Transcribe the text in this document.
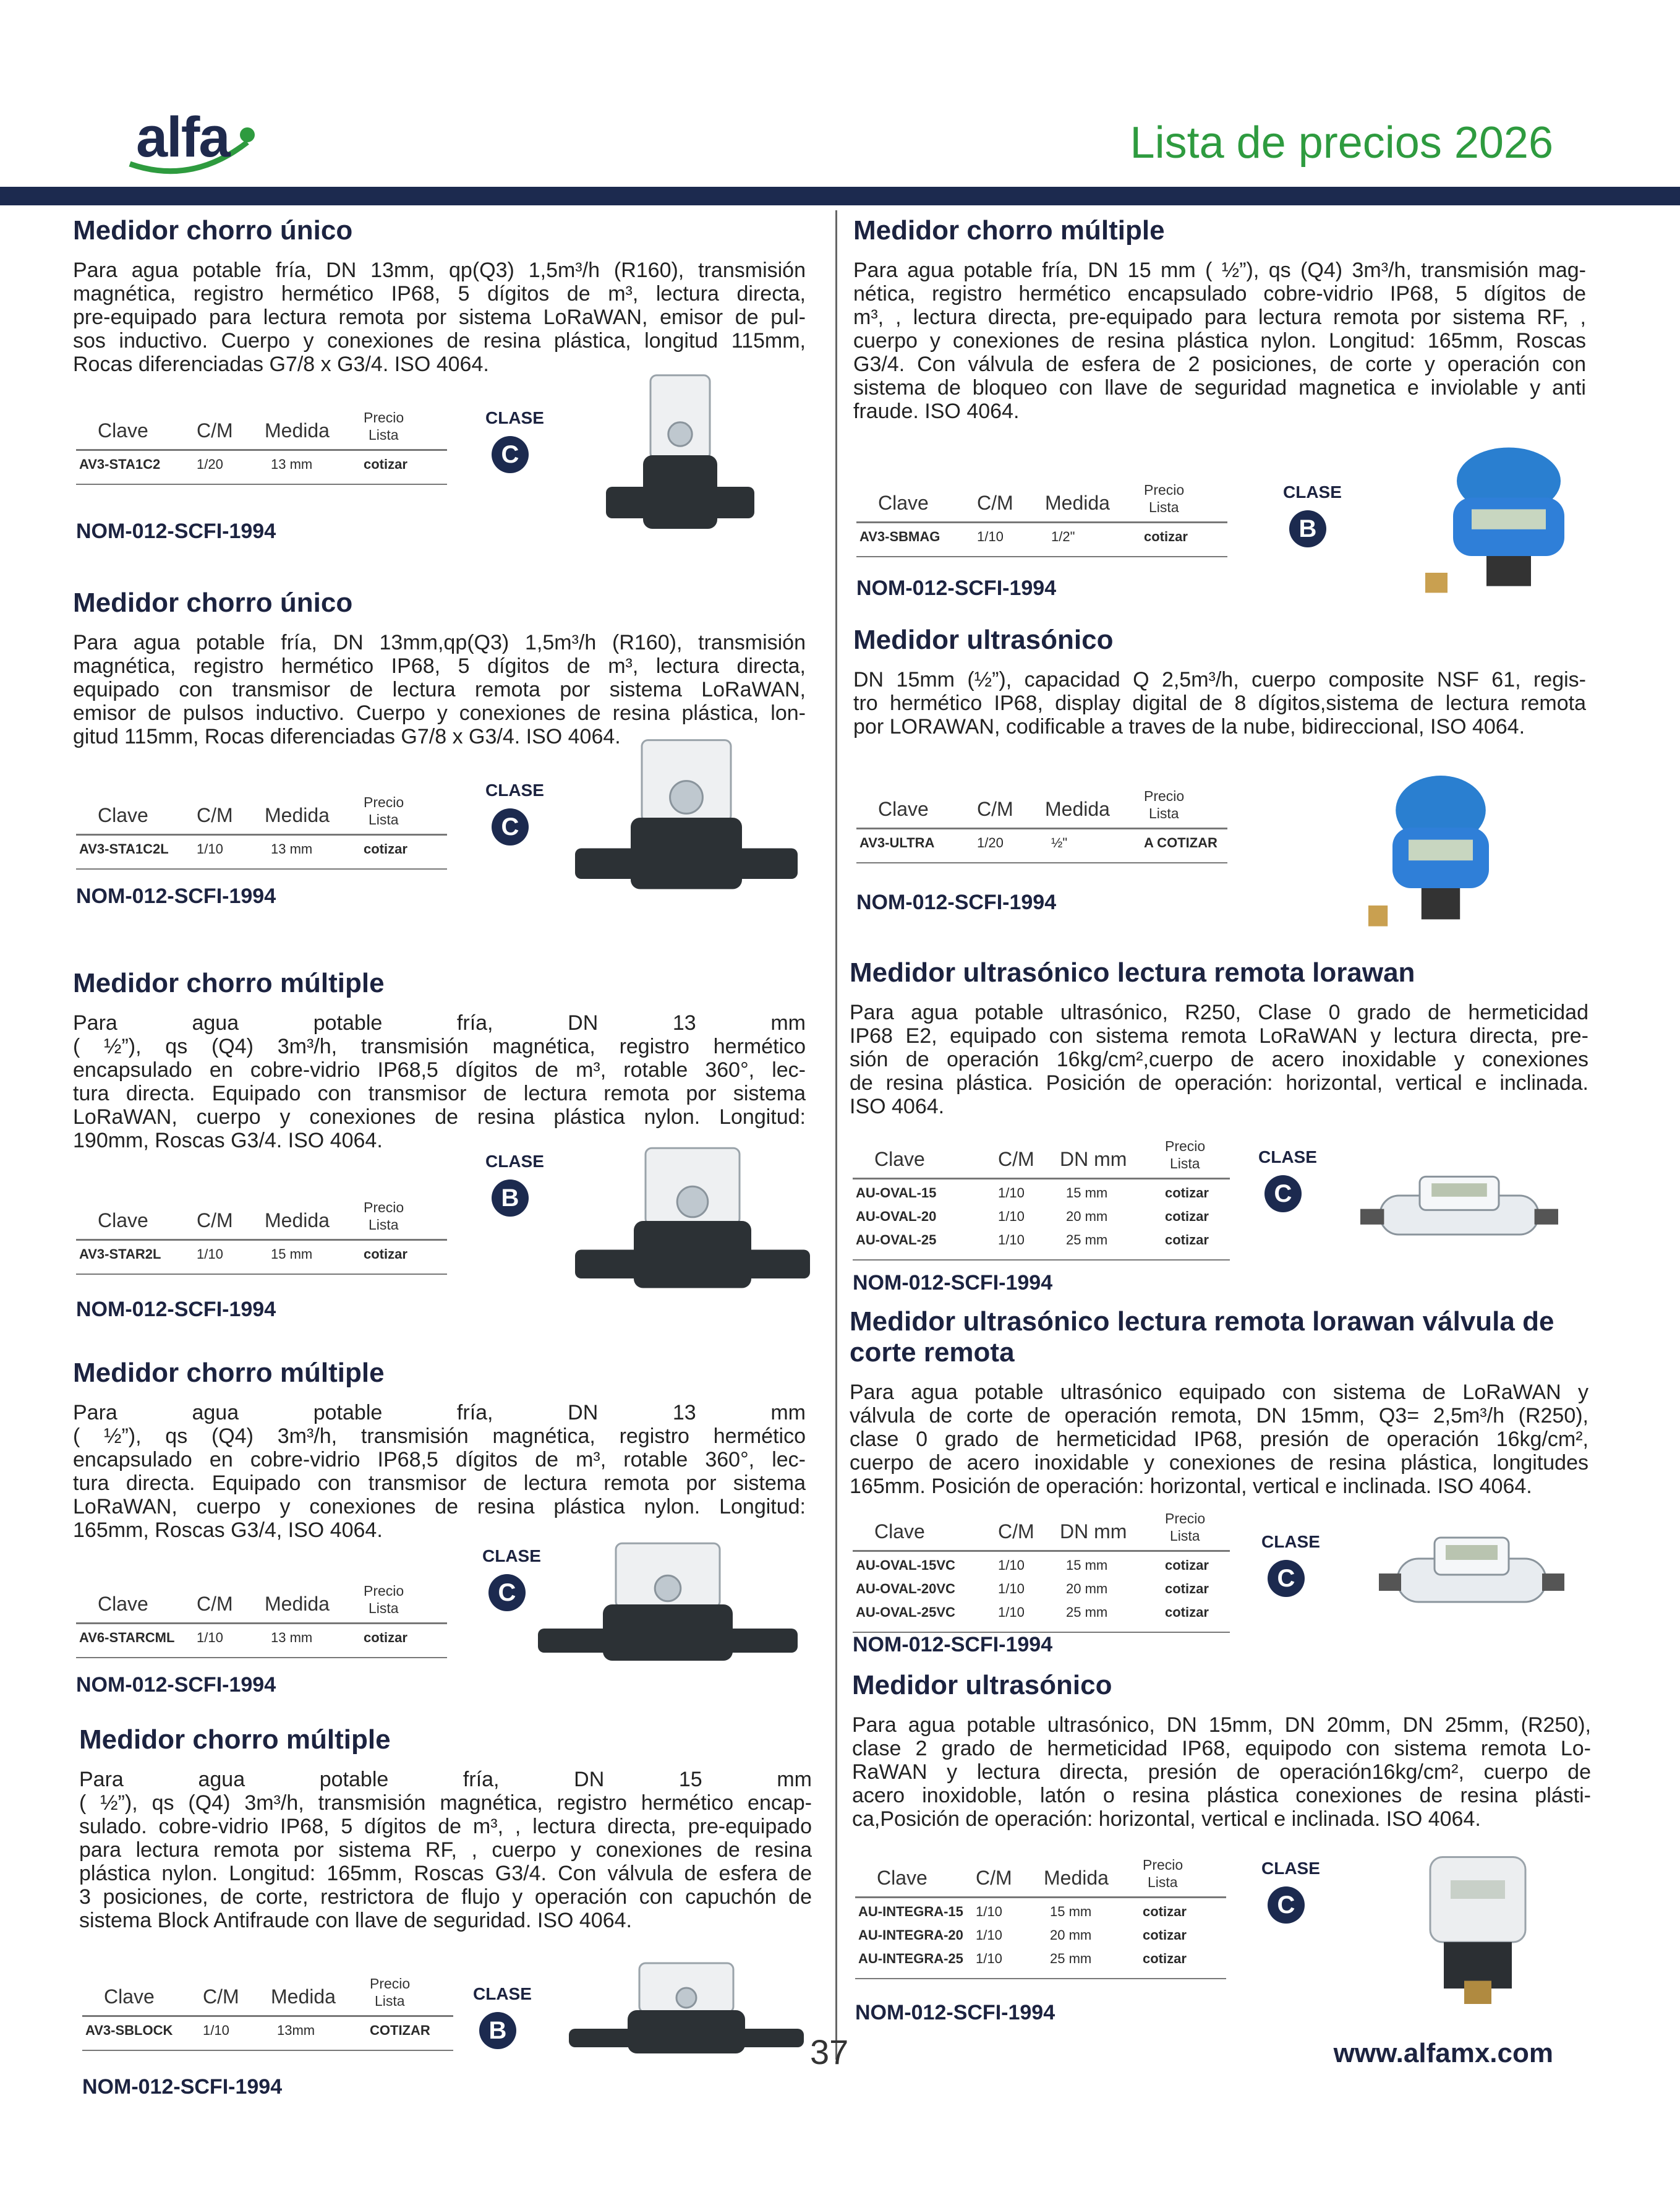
alfa	Lista de precios 2026
Medidor chorro único
Para agua potable fría, DN 13mm, qp(Q3) 1,5m³/h (R160), transmisión
magnética, registro hermético IP68, 5 dígitos de m³, lectura directa,
pre-equipado para lectura remota por sistema LoRaWAN, emisor de pul-
sos inductivo. Cuerpo y conexiones de resina plástica, longitud 115mm,
Rocas diferenciadas G7/8 x G3/4. ISO 4064.
Clave C/M Medida
Precio
Lista
AV3-STA1C2	1/20	13 mm	cotizar
CLASE
C
NOM-012-SCFI-1994
Medidor chorro único
Para agua potable fría, DN 13mm,qp(Q3) 1,5m³/h (R160), transmisión
magnética, registro hermético IP68, 5 dígitos de m³, lectura directa,
equipado con transmisor de lectura remota por sistema LoRaWAN,
emisor de pulsos inductivo. Cuerpo y conexiones de resina plástica, lon-
gitud 115mm, Rocas diferenciadas G7/8 x G3/4. ISO 4064.
Clave C/M Medida
Precio
Lista
AV3-STA1C2L 1/10	13 mm	cotizar
CLASE
C
NOM-012-SCFI-1994
Medidor chorro múltiple
Para agua potable fría, DN 13 mm
( ½”), qs (Q4) 3m³/h, transmisión magnética, registro hermético
encapsulado en cobre-vidrio IP68,5 dígitos de m³, rotable 360°, lec-
tura directa. Equipado con transmisor de lectura remota por sistema
LoRaWAN, cuerpo y conexiones de resina plástica nylon. Longitud:
190mm, Roscas G3/4. ISO 4064.
Clave C/M Medida
Precio
Lista
AV3-STAR2L	1/10	15 mm	cotizar
CLASE
B
NOM-012-SCFI-1994
Medidor chorro múltiple
Para agua potable fría, DN 13 mm
( ½”), qs (Q4) 3m³/h, transmisión magnética, registro hermético
encapsulado en cobre-vidrio IP68,5 dígitos de m³, rotable 360°, lec-
tura directa. Equipado con transmisor de lectura remota por sistema
LoRaWAN, cuerpo y conexiones de resina plástica nylon. Longitud:
165mm, Roscas G3/4, ISO 4064.
Clave C/M Medida
Precio
Lista
AV6-STARCML 1/10	13 mm	cotizar
CLASE
C
NOM-012-SCFI-1994
Medidor chorro múltiple
Para agua potable fría, DN 15 mm
( ½”), qs (Q4) 3m³/h, transmisión magnética, registro hermético encap-
sulado. cobre-vidrio IP68, 5 dígitos de m³, , lectura directa, pre-equipado
para lectura remota por sistema RF, , cuerpo y conexiones de resina
plástica nylon. Longitud: 165mm, Roscas G3/4. Con válvula de esfera de
3 posiciones, de corte, restrictora de flujo y operación con capuchón de
sistema Block Antifraude con llave de seguridad. ISO 4064.
Clave C/M Medida
Precio
Lista
AV3-SBLOCK 1/10	13mm	COTIZAR
CLASE
B
NOM-012-SCFI-1994
Medidor chorro múltiple
Para agua potable fría, DN 15 mm ( ½”), qs (Q4) 3m³/h, transmisión mag-
nética, registro hermético encapsulado cobre-vidrio IP68, 5 dígitos de
m³, , lectura directa, pre-equipado para lectura remota por sistema RF, ,
cuerpo y conexiones de resina plástica nylon. Longitud: 165mm, Roscas
G3/4. Con válvula de esfera de 2 posiciones, de corte y operación con
sistema de bloqueo con llave de seguridad magnetica e inviolable y anti
fraude. ISO 4064.
Clave C/M Medida
Precio
Lista
AV3-SBMAG	1/10	1/2"	cotizar
CLASE
B
NOM-012-SCFI-1994
Medidor ultrasónico
DN 15mm (½”), capacidad Q 2,5m³/h, cuerpo composite NSF 61, regis-
tro hermético IP68, display digital de 8 dígitos,sistema de lectura remota
por LORAWAN, codificable a traves de la nube, bidireccional, ISO 4064.
Clave C/M Medida
Precio
Lista
AV3-ULTRA	1/20	½"	A COTIZAR
NOM-012-SCFI-1994
Medidor ultrasónico lectura remota lorawan
Para agua potable ultrasónico, R250, Clase 0 grado de hermeticidad
IP68 E2, equipado con sistema remota LoRaWAN y lectura directa, pre-
sión de operación 16kg/cm²,cuerpo de acero inoxidable y conexiones
de resina plástica. Posición de operación: horizontal, vertical e inclinada.
ISO 4064.
Clave	C/M DN mm
Precio
Lista
AU-OVAL-15	1/10	15 mm	cotizar
AU-OVAL-20	1/10	20 mm	cotizar
AU-OVAL-25	1/10	25 mm	cotizar
CLASE
C
NOM-012-SCFI-1994
Medidor ultrasónico lectura remota lorawan válvula de
corte remota
Para agua potable ultrasónico equipado con sistema de LoRaWAN y
válvula de corte de operación remota, DN 15mm, Q3= 2,5m³/h (R250),
clase 0 grado de hermeticidad IP68, presión de operación 16kg/cm²,
cuerpo de acero inoxidable y conexiones de resina plástica, longitudes
165mm. Posición de operación: horizontal, vertical e inclinada. ISO 4064.
Clave	C/M DN mm
Precio
Lista
AU-OVAL-15VC	1/10	15 mm	cotizar
AU-OVAL-20VC	1/10	20 mm	cotizar
AU-OVAL-25VC	1/10	25 mm	cotizar
CLASE
C
NOM-012-SCFI-1994
Medidor ultrasónico
Para agua potable ultrasónico, DN 15mm, DN 20mm, DN 25mm, (R250),
clase 2 grado de hermeticidad IP68, equipodo con sistema remota Lo-
RaWAN y lectura directa, presión de operación16kg/cm², cuerpo de
acero inoxidoble, latón o resina plástica conexiones de resina plásti-
ca,Posición de operación: horizontal, vertical e inclinada. ISO 4064.
Clave C/M Medida
Precio
Lista
AU-INTEGRA-15 1/10	15 mm	cotizar
AU-INTEGRA-20 1/10	20 mm	cotizar
AU-INTEGRA-25 1/10	25 mm	cotizar
CLASE
C
NOM-012-SCFI-1994
37	www.alfamx.com
